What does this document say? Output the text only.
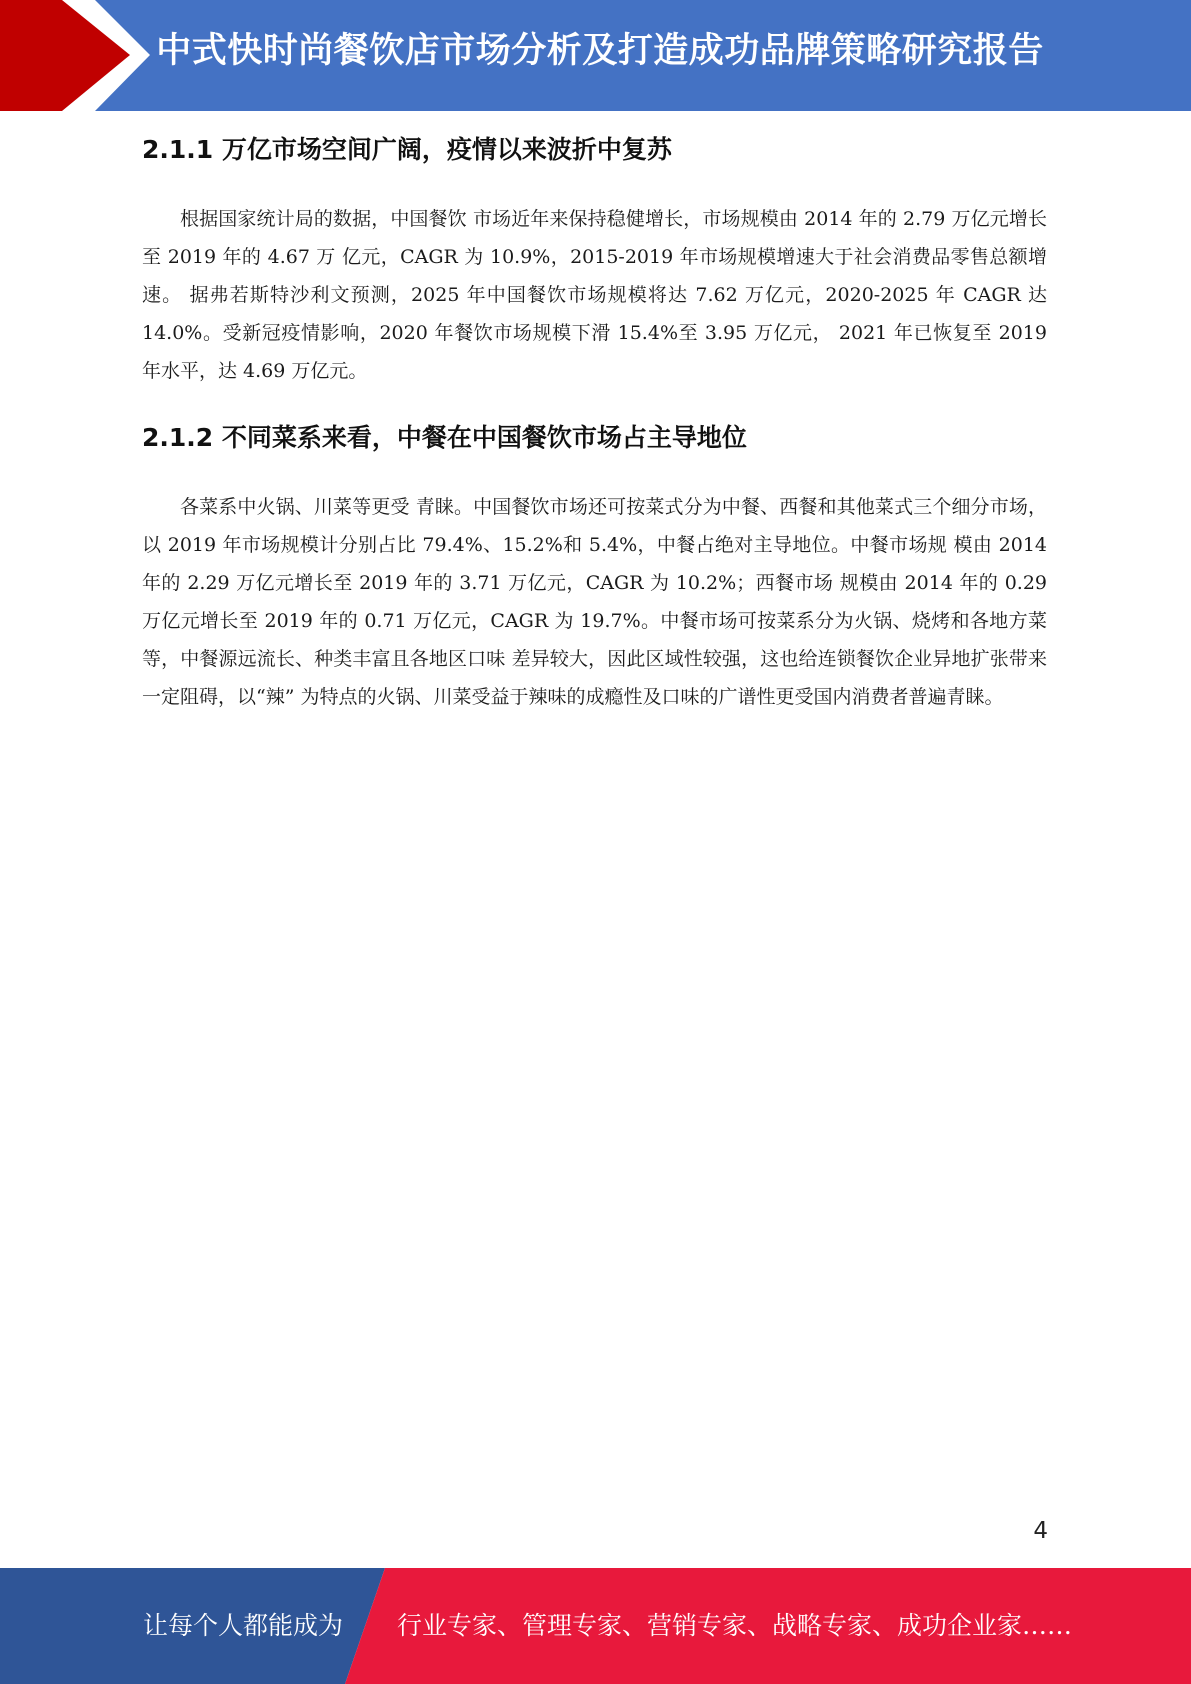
中式快时尚餐饮店市场分析及打造成功品牌策略研究报告
2.1.1 万亿市场空间广阔，疫情以来波折中复苏

根据国家统计局的数据，中国餐饮 市场近年来保持稳健增长，市场规模由 2014 年的 2.79 万亿元增长至 2019 年的 4.67 万 亿元，CAGR 为 10.9%，2015-2019 年市场规模增速大于社会消费品零售总额增速。 据弗若斯特沙利文预测，2025 年中国餐饮市场规模将达 7.62 万亿元，2020-2025 年 CAGR 达 14.0%。受新冠疫情影响，2020 年餐饮市场规模下滑 15.4%至 3.95 万亿元， 2021 年已恢复至 2019 年水平，达 4.69 万亿元。

2.1.2 不同菜系来看，中餐在中国餐饮市场占主导地位

各菜系中火锅、川菜等更受 青睐。中国餐饮市场还可按菜式分为中餐、西餐和其他菜式三个细分市场，以 2019 年市场规模计分别占比 79.4%、15.2%和 5.4%，中餐占绝对主导地位。中餐市场规 模由 2014 年的 2.29 万亿元增长至 2019 年的 3.71 万亿元，CAGR 为 10.2%；西餐市场 规模由 2014 年的 0.29 万亿元增长至 2019 年的 0.71 万亿元，CAGR 为 19.7%。中餐市场可按菜系分为火锅、烧烤和各地方菜等，中餐源远流长、种类丰富且各地区口味 差异较大，因此区域性较强，这也给连锁餐饮企业异地扩张带来一定阻碍，以“辣” 为特点的火锅、川菜受益于辣味的成瘾性及口味的广谱性更受国内消费者普遍青睐。

4
让每个人都能成为 行业专家、管理专家、营销专家、战略专家、成功企业家……
